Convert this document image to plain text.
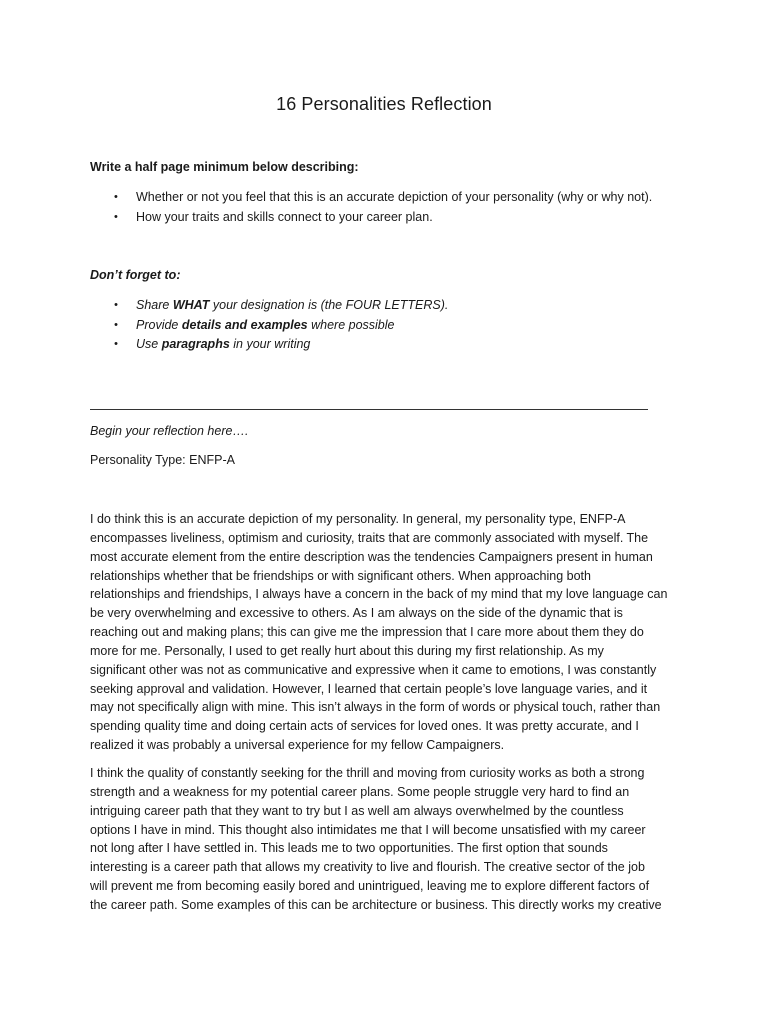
16 Personalities Reflection
Write a half page minimum below describing:
• Whether or not you feel that this is an accurate depiction of your personality (why or why not).
• How your traits and skills connect to your career plan.
Don’t forget to:
• Share WHAT your designation is (the FOUR LETTERS).
• Provide details and examples where possible
• Use paragraphs in your writing
Begin your reflection here….
Personality Type: ENFP-A

I do think this is an accurate depiction of my personality. In general, my personality type, ENFP-A
encompasses liveliness, optimism and curiosity, traits that are commonly associated with myself. The
most accurate element from the entire description was the tendencies Campaigners present in human
relationships whether that be friendships or with significant others. When approaching both
relationships and friendships, I always have a concern in the back of my mind that my love language can
be very overwhelming and excessive to others. As I am always on the side of the dynamic that is
reaching out and making plans; this can give me the impression that I care more about them they do
more for me. Personally, I used to get really hurt about this during my first relationship. As my
significant other was not as communicative and expressive when it came to emotions, I was constantly
seeking approval and validation. However, I learned that certain people’s love language varies, and it
may not specifically align with mine. This isn’t always in the form of words or physical touch, rather than
spending quality time and doing certain acts of services for loved ones. It was pretty accurate, and I
realized it was probably a universal experience for my fellow Campaigners.

I think the quality of constantly seeking for the thrill and moving from curiosity works as both a strong
strength and a weakness for my potential career plans. Some people struggle very hard to find an
intriguing career path that they want to try but I as well am always overwhelmed by the countless
options I have in mind. This thought also intimidates me that I will become unsatisfied with my career
not long after I have settled in. This leads me to two opportunities. The first option that sounds
interesting is a career path that allows my creativity to live and flourish. The creative sector of the job
will prevent me from becoming easily bored and unintrigued, leaving me to explore different factors of
the career path. Some examples of this can be architecture or business. This directly works my creative
